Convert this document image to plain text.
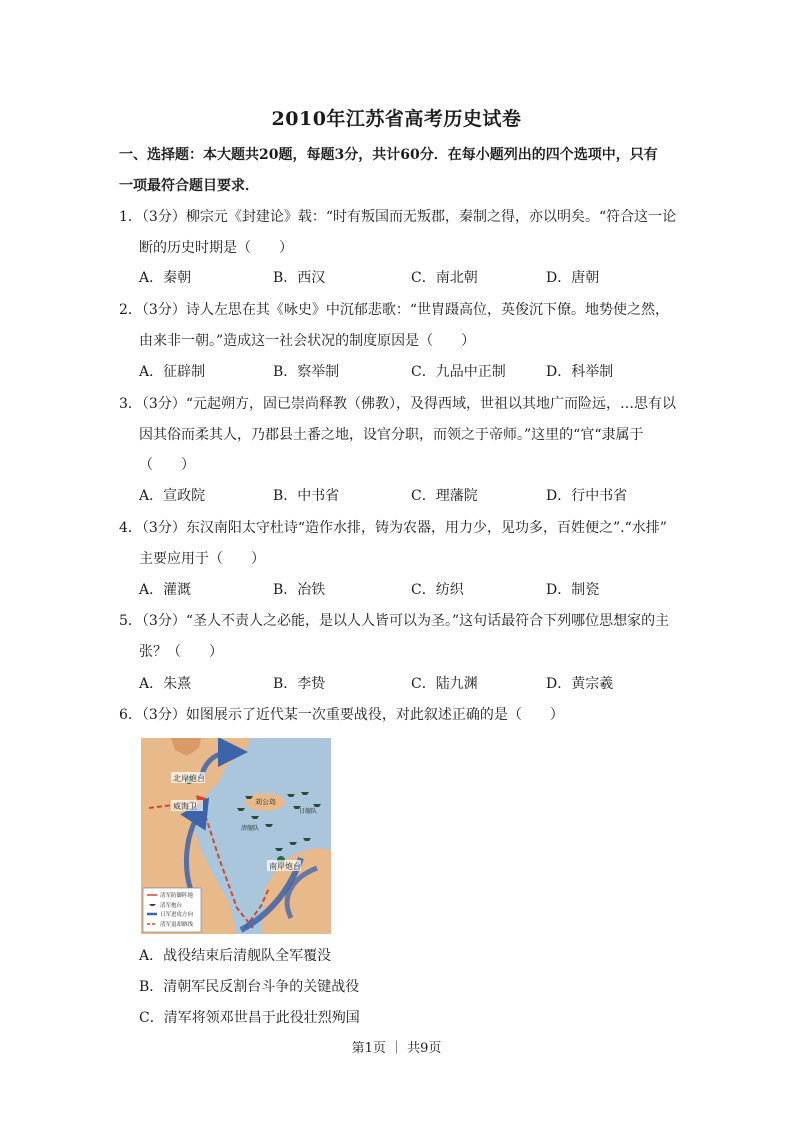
2010年江苏省高考历史试卷
一、选择题：本大题共20题，每题3分，共计60分．在每小题列出的四个选项中，只有
一项最符合题目要求．
1．（3分）柳宗元《封建论》载：“时有叛国而无叛郡，秦制之得，亦以明矣。“符合这一论
断的历史时期是（　　）
A．秦朝	B．西汉	C．南北朝	D．唐朝
2．（3分）诗人左思在其《咏史》中沉郁悲歌：“世胄蹑高位，英俊沉下僚。地势使之然，
由来非一朝。”造成这一社会状况的制度原因是（　　）
A．征辟制	B．察举制	C．九品中正制	D．科举制
3．（3分）“元起朔方，固已崇尚释教（佛教），及得西域，世祖以其地广而险远，…思有以
因其俗而柔其人，乃郡县土番之地，设官分职，而领之于帝师。”这里的“官“隶属于
（　　）
A．宣政院	B．中书省	C．理藩院	D．行中书省
4．（3分）东汉南阳太守杜诗“造作水排，铸为农器，用力少，见功多，百姓便之”.“水排”
主要应用于（　　）
A．灌溉	B．冶铁	C．纺织	D．制瓷
5．（3分）“圣人不责人之必能，是以人人皆可以为圣。”这句话最符合下列哪位思想家的主
张？（　　）
A．朱熹	B．李贽	C．陆九渊	D．黄宗羲
6．（3分）如图展示了近代某一次重要战役，对此叙述正确的是（　　）
北岸炮台
威海卫	刘公岛
日舰队
清舰队
南岸炮台
清军防御阵地
清军炮台
日军进攻方向
清军退却路线
A．战役结束后清舰队全军覆没
B．清朝军民反割台斗争的关键战役
C．清军将领邓世昌于此役壮烈殉国
第1页 ｜ 共9页
